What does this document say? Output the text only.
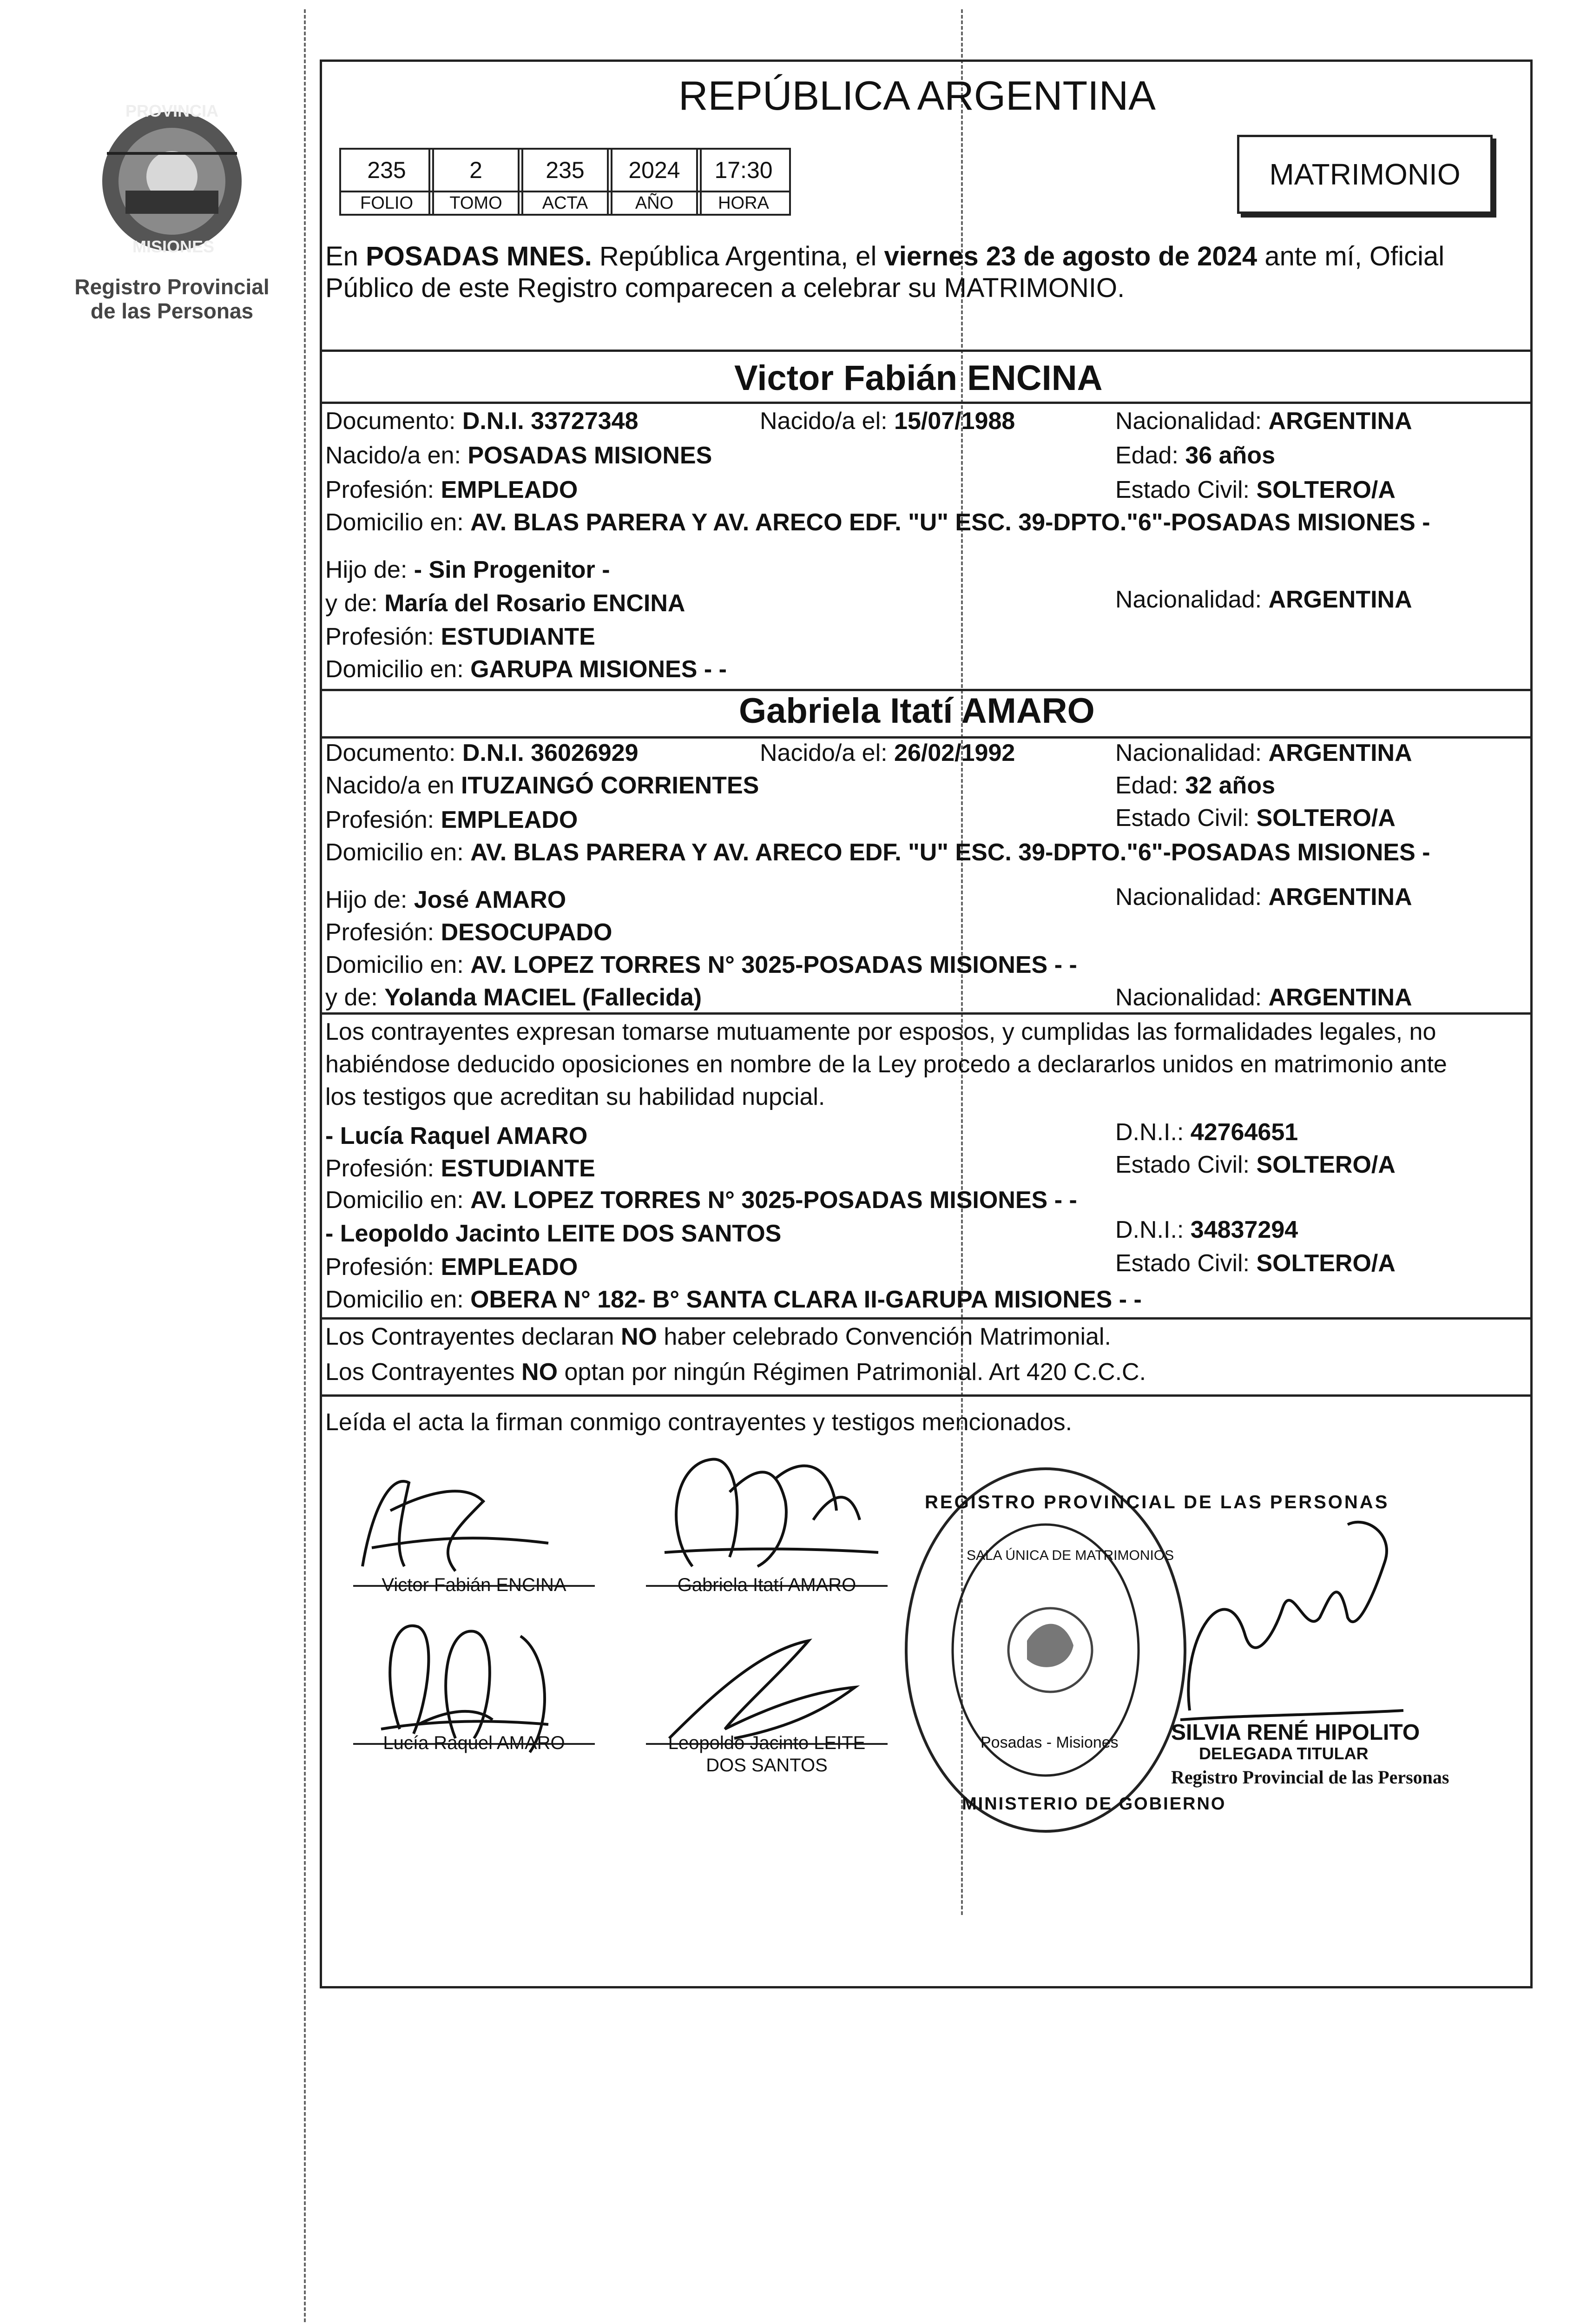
PROVINCIA
MISIONES
Registro Provincial
de las Personas
REPÚBLICA ARGENTINA
235	2	235	2024	17:30
FOLIO	TOMO	ACTA	AÑO	HORA
MATRIMONIO
En POSADAS MNES. República Argentina, el viernes 23 de agosto de 2024 ante mí, Oficial
Público de este Registro comparecen a celebrar su MATRIMONIO.
Victor Fabián ENCINA
Documento: D.N.I. 33727348	Nacido/a el: 15/07/1988	Nacionalidad: ARGENTINA
Nacido/a en: POSADAS MISIONES	Edad: 36 años
Profesión: EMPLEADO	Estado Civil: SOLTERO/A
Domicilio en: AV. BLAS PARERA Y AV. ARECO EDF. "U" ESC. 39-DPTO."6"-POSADAS MISIONES -
Hijo de: - Sin Progenitor -
y de: María del Rosario ENCINA	Nacionalidad: ARGENTINA
Profesión: ESTUDIANTE
Domicilio en: GARUPA MISIONES - -
Gabriela Itatí AMARO
Documento: D.N.I. 36026929	Nacido/a el: 26/02/1992	Nacionalidad: ARGENTINA
Nacido/a en ITUZAINGÓ CORRIENTES	Edad: 32 años
Profesión: EMPLEADO	Estado Civil: SOLTERO/A
Domicilio en: AV. BLAS PARERA Y AV. ARECO EDF. "U" ESC. 39-DPTO."6"-POSADAS MISIONES -
Hijo de: José AMARO	Nacionalidad: ARGENTINA
Profesión: DESOCUPADO
Domicilio en: AV. LOPEZ TORRES N° 3025-POSADAS MISIONES - -
y de: Yolanda MACIEL (Fallecida)	Nacionalidad: ARGENTINA
Los contrayentes expresan tomarse mutuamente por esposos, y cumplidas las formalidades legales, no
habiéndose deducido oposiciones en nombre de la Ley procedo a declararlos unidos en matrimonio ante
los testigos que acreditan su habilidad nupcial.
- Lucía Raquel AMARO	D.N.I.: 42764651
Profesión: ESTUDIANTE	Estado Civil: SOLTERO/A
Domicilio en: AV. LOPEZ TORRES N° 3025-POSADAS MISIONES - -
- Leopoldo Jacinto LEITE DOS SANTOS	D.N.I.: 34837294
Profesión: EMPLEADO	Estado Civil: SOLTERO/A
Domicilio en: OBERA N° 182- B° SANTA CLARA II-GARUPA MISIONES - -
Los Contrayentes declaran NO haber celebrado Convención Matrimonial.
Los Contrayentes NO optan por ningún Régimen Patrimonial. Art 420 C.C.C.
Leída el acta la firman conmigo contrayentes y testigos mencionados.
Victor Fabián ENCINA	Gabriela Itatí AMARO
Lucía Raquel AMARO	Leopoldo Jacinto LEITE
DOS SANTOS
REGISTRO PROVINCIAL DE LAS PERSONAS
SALA ÚNICA DE MATRIMONIOS
Posadas - Misiones
MINISTERIO DE GOBIERNO
SILVIA RENÉ HIPOLITO
DELEGADA TITULAR
Registro Provincial de las Personas
